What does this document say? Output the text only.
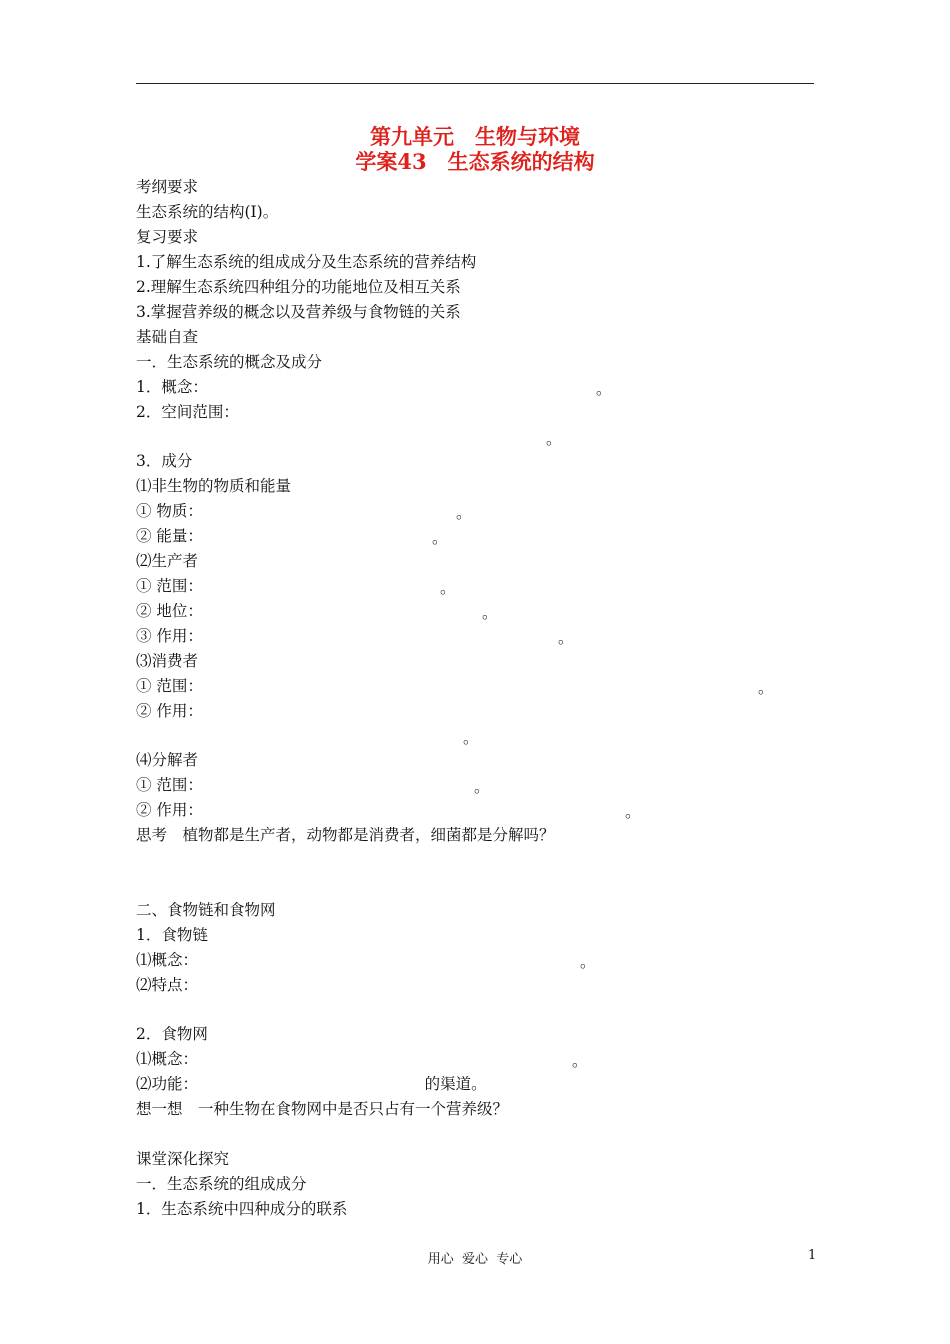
第九单元　生物与环境
学案43　生态系统的结构
考纲要求
生态系统的结构(Ⅰ)。
复习要求
1.了解生态系统的组成成分及生态系统的营养结构
2.理解生态系统四种组分的功能地位及相互关系
3.掌握营养级的概念以及营养级与食物链的关系
基础自查
一．生态系统的概念及成分
1．概念：
2．空间范围：
3．成分
⑴非生物的物质和能量
① 物质：
② 能量：
⑵生产者
① 范围：
② 地位：
③ 作用：
⑶消费者
① 范围：
② 作用：
⑷分解者
① 范围：
② 作用：
思考　植物都是生产者，动物都是消费者，细菌都是分解吗？
二、食物链和食物网
1．食物链
⑴概念：
⑵特点：
2．食物网
⑴概念：
⑵功能：                                              的渠道。
想一想　一种生物在食物网中是否只占有一个营养级？
课堂深化探究
一．生态系统的组成成分
1．生态系统中四种成分的联系
。
。
。
。
。
。
。
。
。
。
。
。
。
用心  爱心  专心	1
